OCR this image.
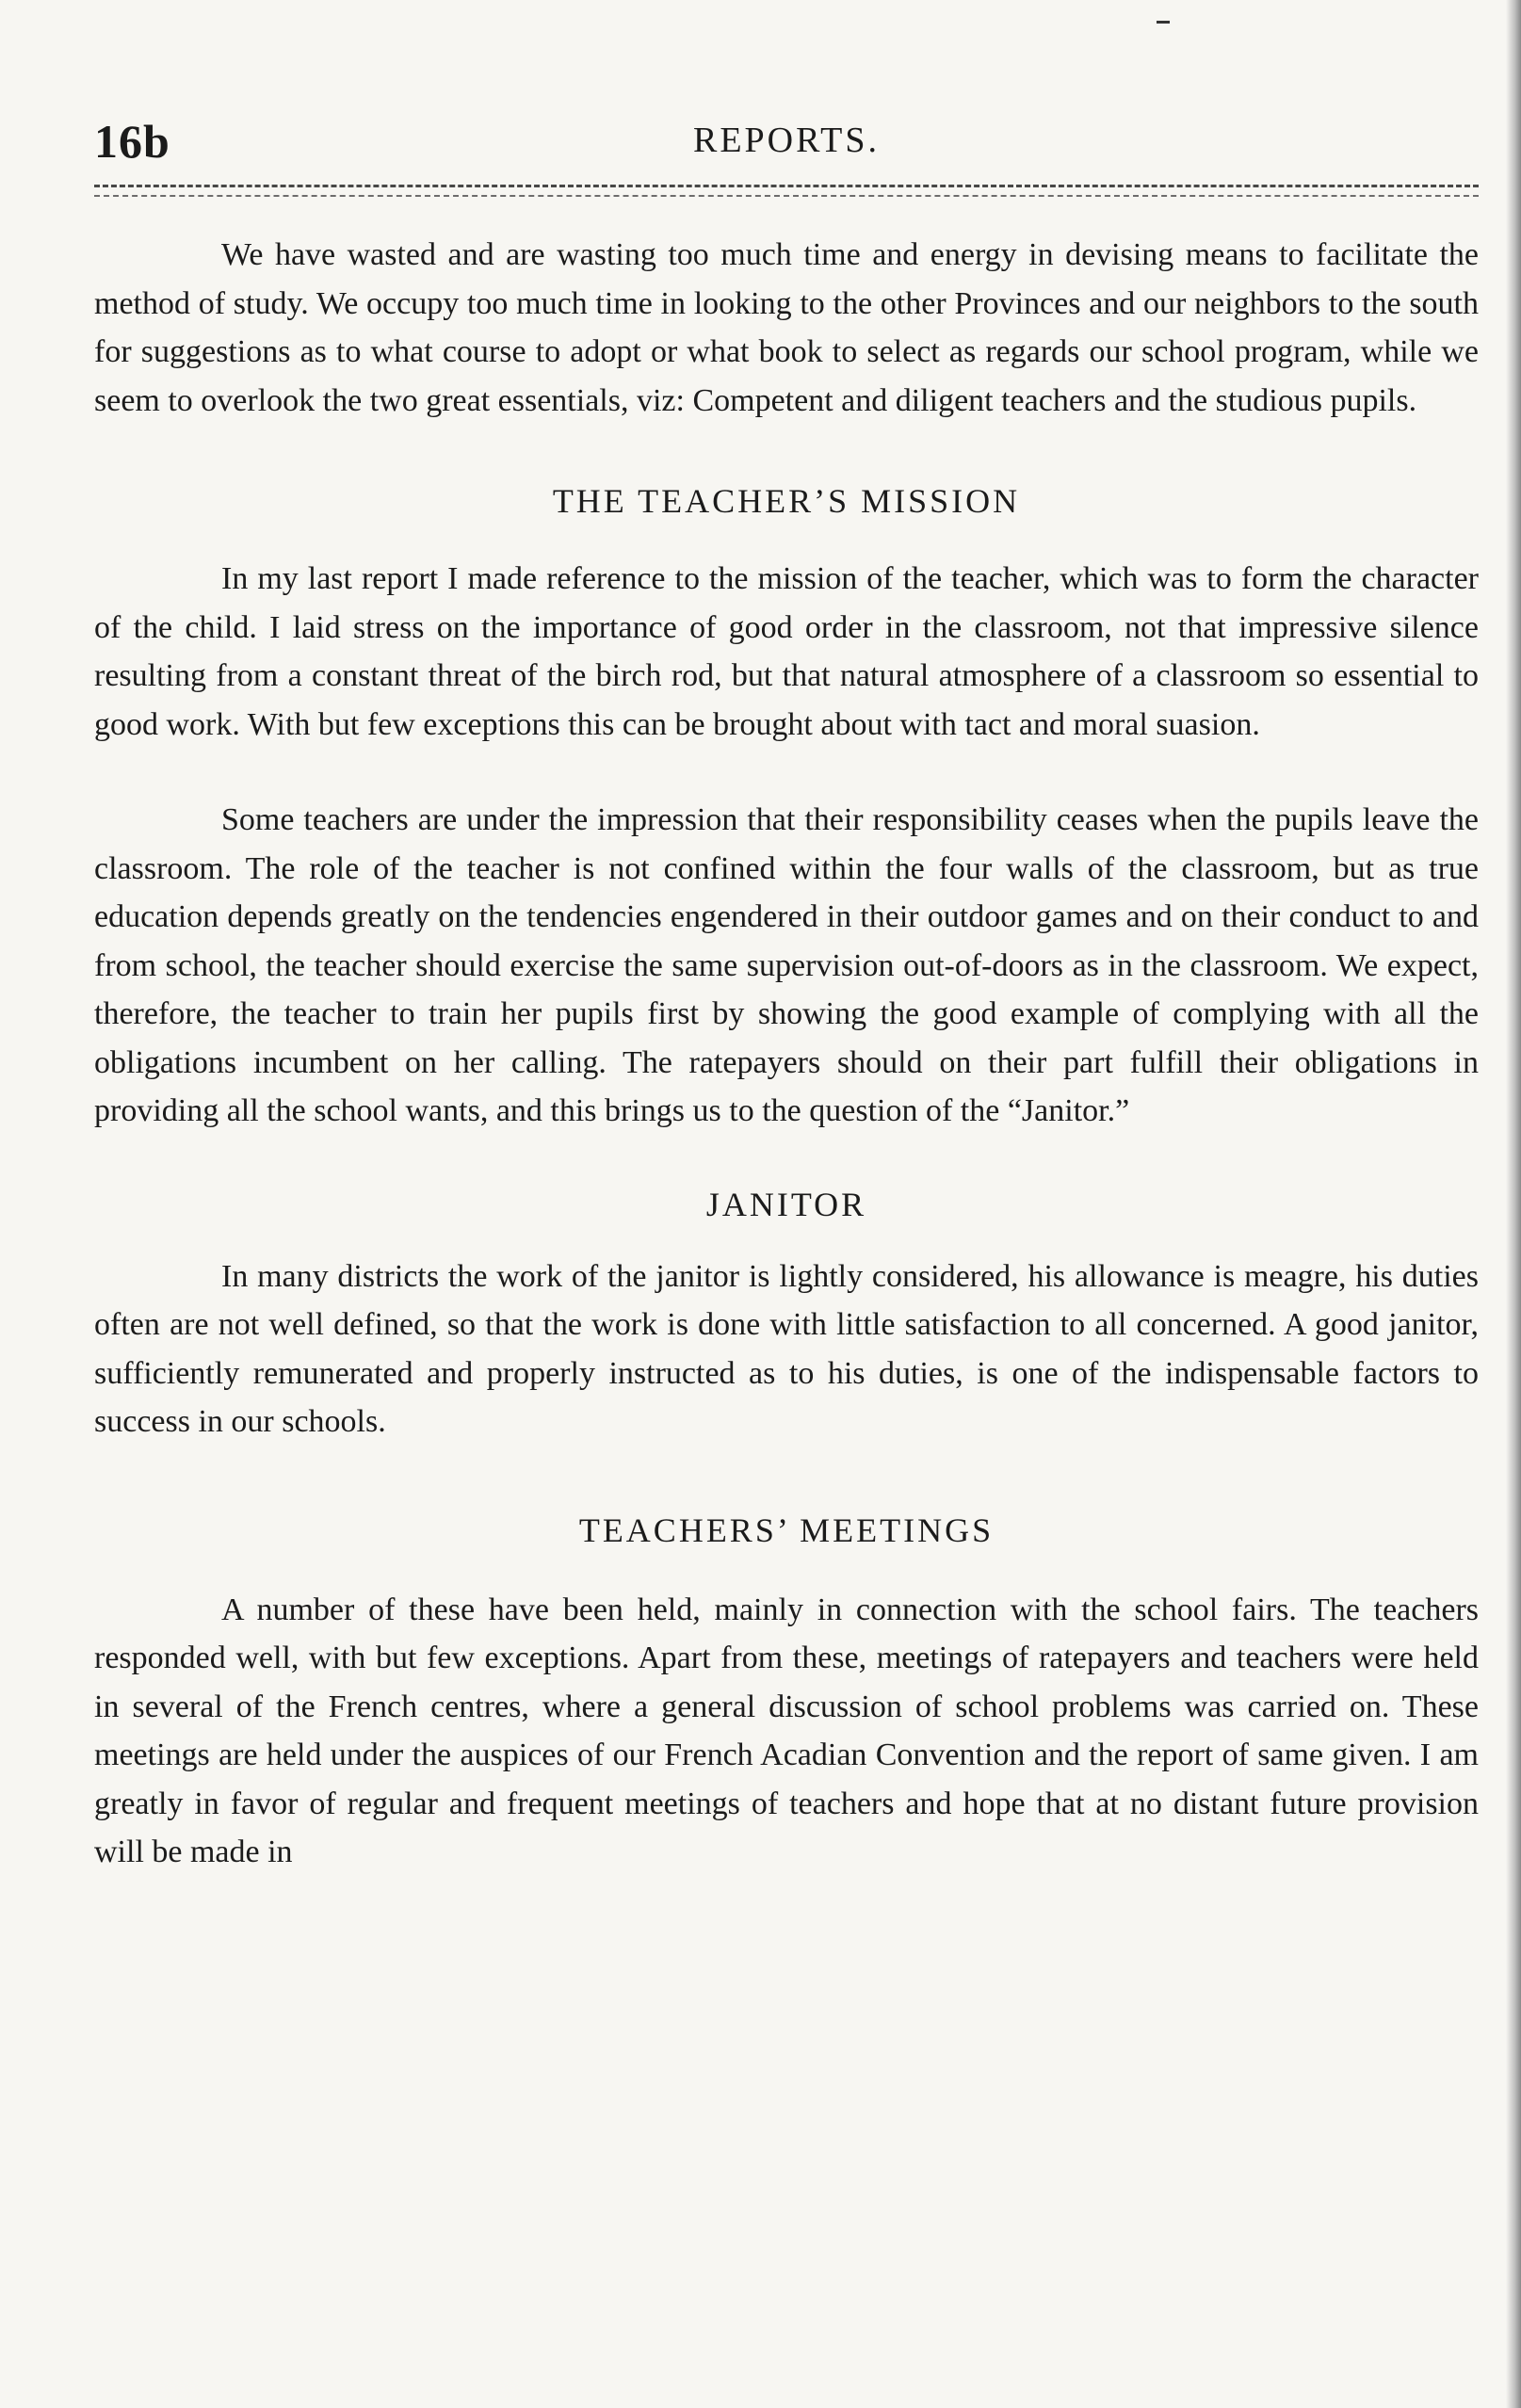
16b	REPORTS.

We have wasted and are wasting too much time and energy in devising means to facilitate the method of study. We occupy too much time in looking to the other Provinces and our neighbors to the south for suggestions as to what course to adopt or what book to select as regards our school program, while we seem to overlook the two great essentials, viz: Competent and diligent teachers and the studious pupils.

THE TEACHER’S MISSION

In my last report I made reference to the mission of the teacher, which was to form the character of the child. I laid stress on the importance of good order in the classroom, not that impressive silence resulting from a constant threat of the birch rod, but that natural atmosphere of a classroom so essential to good work. With but few exceptions this can be brought about with tact and moral suasion.

Some teachers are under the impression that their responsibility ceases when the pupils leave the classroom. The role of the teacher is not confined within the four walls of the classroom, but as true education depends greatly on the tendencies engendered in their outdoor games and on their conduct to and from school, the teacher should exercise the same supervision out-of-doors as in the classroom. We expect, therefore, the teacher to train her pupils first by showing the good example of complying with all the obligations incumbent on her calling. The ratepayers should on their part fulfill their obligations in providing all the school wants, and this brings us to the question of the “Janitor.”

JANITOR

In many districts the work of the janitor is lightly considered, his allowance is meagre, his duties often are not well defined, so that the work is done with little satisfaction to all concerned. A good janitor, sufficiently remunerated and properly instructed as to his duties, is one of the indispensable factors to success in our schools.

TEACHERS’ MEETINGS

A number of these have been held, mainly in connection with the school fairs. The teachers responded well, with but few exceptions. Apart from these, meetings of ratepayers and teachers were held in several of the French centres, where a general discussion of school problems was carried on. These meetings are held under the auspices of our French Acadian Convention and the report of same given. I am greatly in favor of regular and frequent meetings of teachers and hope that at no distant future provision will be made in
